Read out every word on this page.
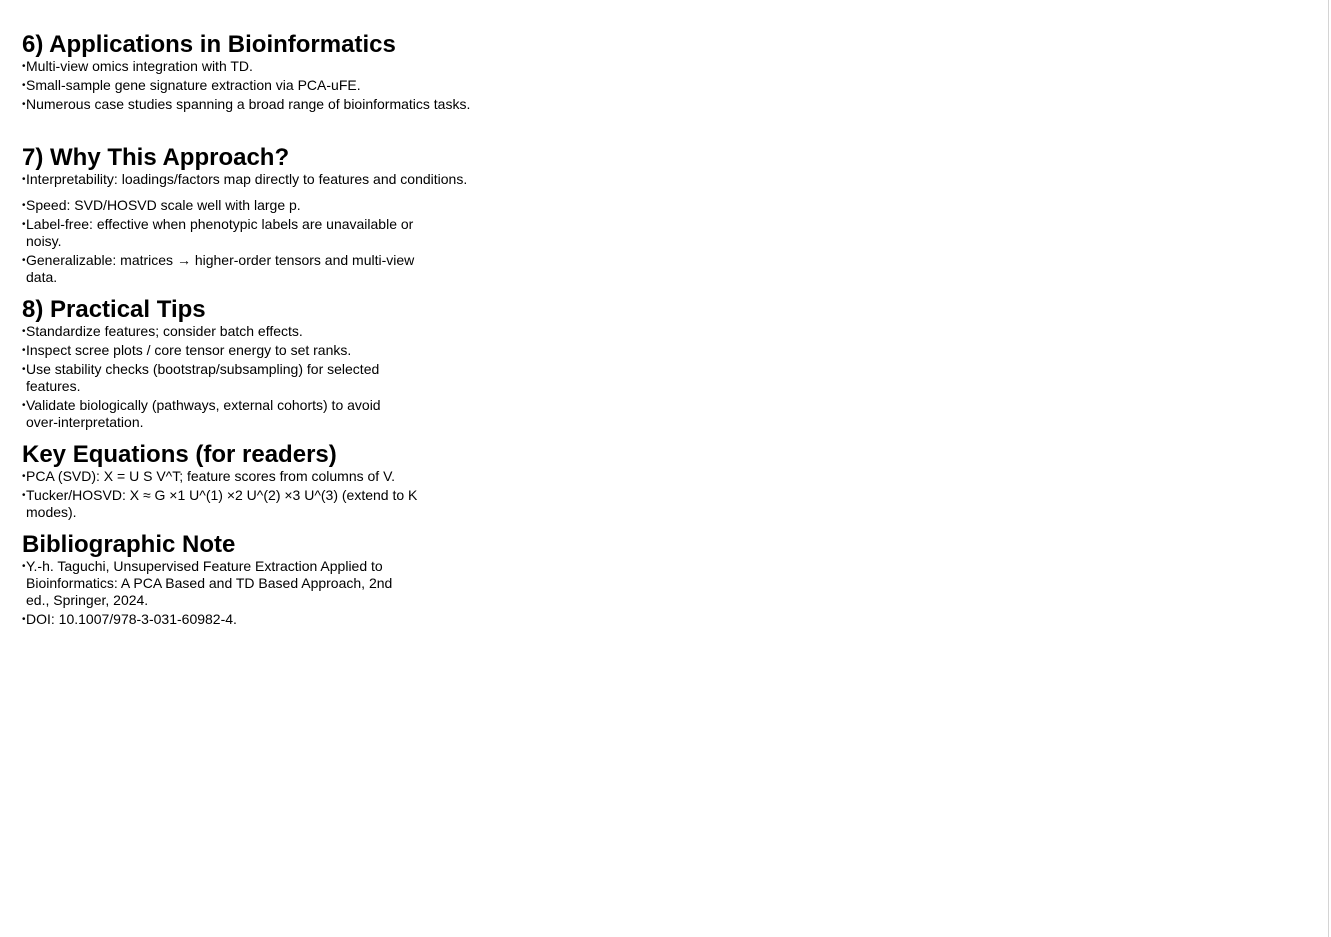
6) Applications in Bioinformatics
• Multi-view omics integration with TD.
• Small-sample gene signature extraction via PCA-uFE.
• Numerous case studies spanning a broad range of bioinformatics tasks.
7) Why This Approach?
• Interpretability: loadings/factors map directly to features and conditions.
• Speed: SVD/HOSVD scale well with large p.
• Label-free: effective when phenotypic labels are unavailable or noisy.
• Generalizable: matrices → higher-order tensors and multi-view data.
8) Practical Tips
• Standardize features; consider batch effects.
• Inspect scree plots / core tensor energy to set ranks.
• Use stability checks (bootstrap/subsampling) for selected features.
• Validate biologically (pathways, external cohorts) to avoid over-interpretation.
Key Equations (for readers)
• PCA (SVD): X = U S V^T; feature scores from columns of V.
• Tucker/HOSVD: X ≈ G ×1 U^(1) ×2 U^(2) ×3 U^(3) (extend to K modes).
Bibliographic Note
• Y.-h. Taguchi, Unsupervised Feature Extraction Applied to Bioinformatics: A PCA Based and TD Based Approach, 2nd ed., Springer, 2024.
• DOI: 10.1007/978-3-031-60982-4.
